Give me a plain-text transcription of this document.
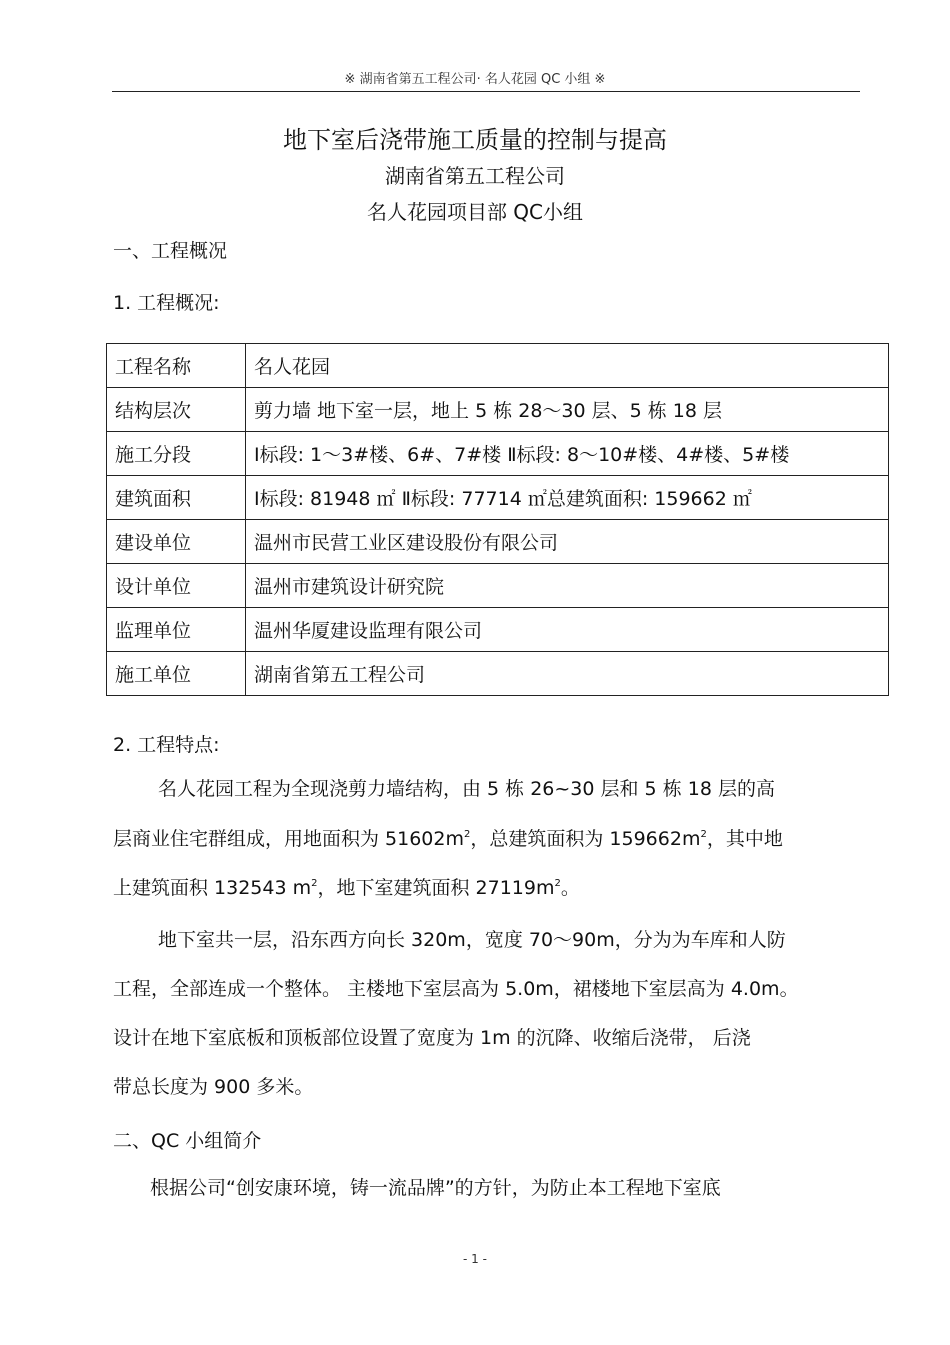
※ 湖南省第五工程公司· 名人花园 QC 小组 ※
地下室后浇带施工质量的控制与提高
湖南省第五工程公司
名人花园项目部 QC小组
一、工程概况
1. 工程概况:
工程名称	名人花园
结构层次	剪力墙 地下室一层，地上 5 栋 28～30 层、5 栋 18 层
施工分段	Ⅰ标段: 1～3#楼、6#、7#楼 Ⅱ标段: 8～10#楼、4#楼、5#楼
建筑面积	Ⅰ标段: 81948 ㎡ Ⅱ标段: 77714 ㎡总建筑面积: 159662 ㎡
建设单位	温州市民营工业区建设股份有限公司
设计单位	温州市建筑设计研究院
监理单位	温州华厦建设监理有限公司
施工单位	湖南省第五工程公司
2. 工程特点:
名人花园工程为全现浇剪力墙结构，由 5 栋 26~30 层和 5 栋 18 层的高
层商业住宅群组成，用地面积为 $51602m^2$，总建筑面积为 $159662m^2$，其中地
上建筑面积 132543 $m^2$，地下室建筑面积 $27119m^2$。
地下室共一层，沿东西方向长 320m，宽度 70～90m，分为为车库和人防
工程，全部连成一个整体。 主楼地下室层高为 5.0m，裙楼地下室层高为 4.0m。
设计在地下室底板和顶板部位设置了宽度为 1m 的沉降、收缩后浇带， 后浇
带总长度为 900 多米。
二、QC 小组简介
根据公司“创安康环境，铸一流品牌”的方针，为防止本工程地下室底
- 1 -
